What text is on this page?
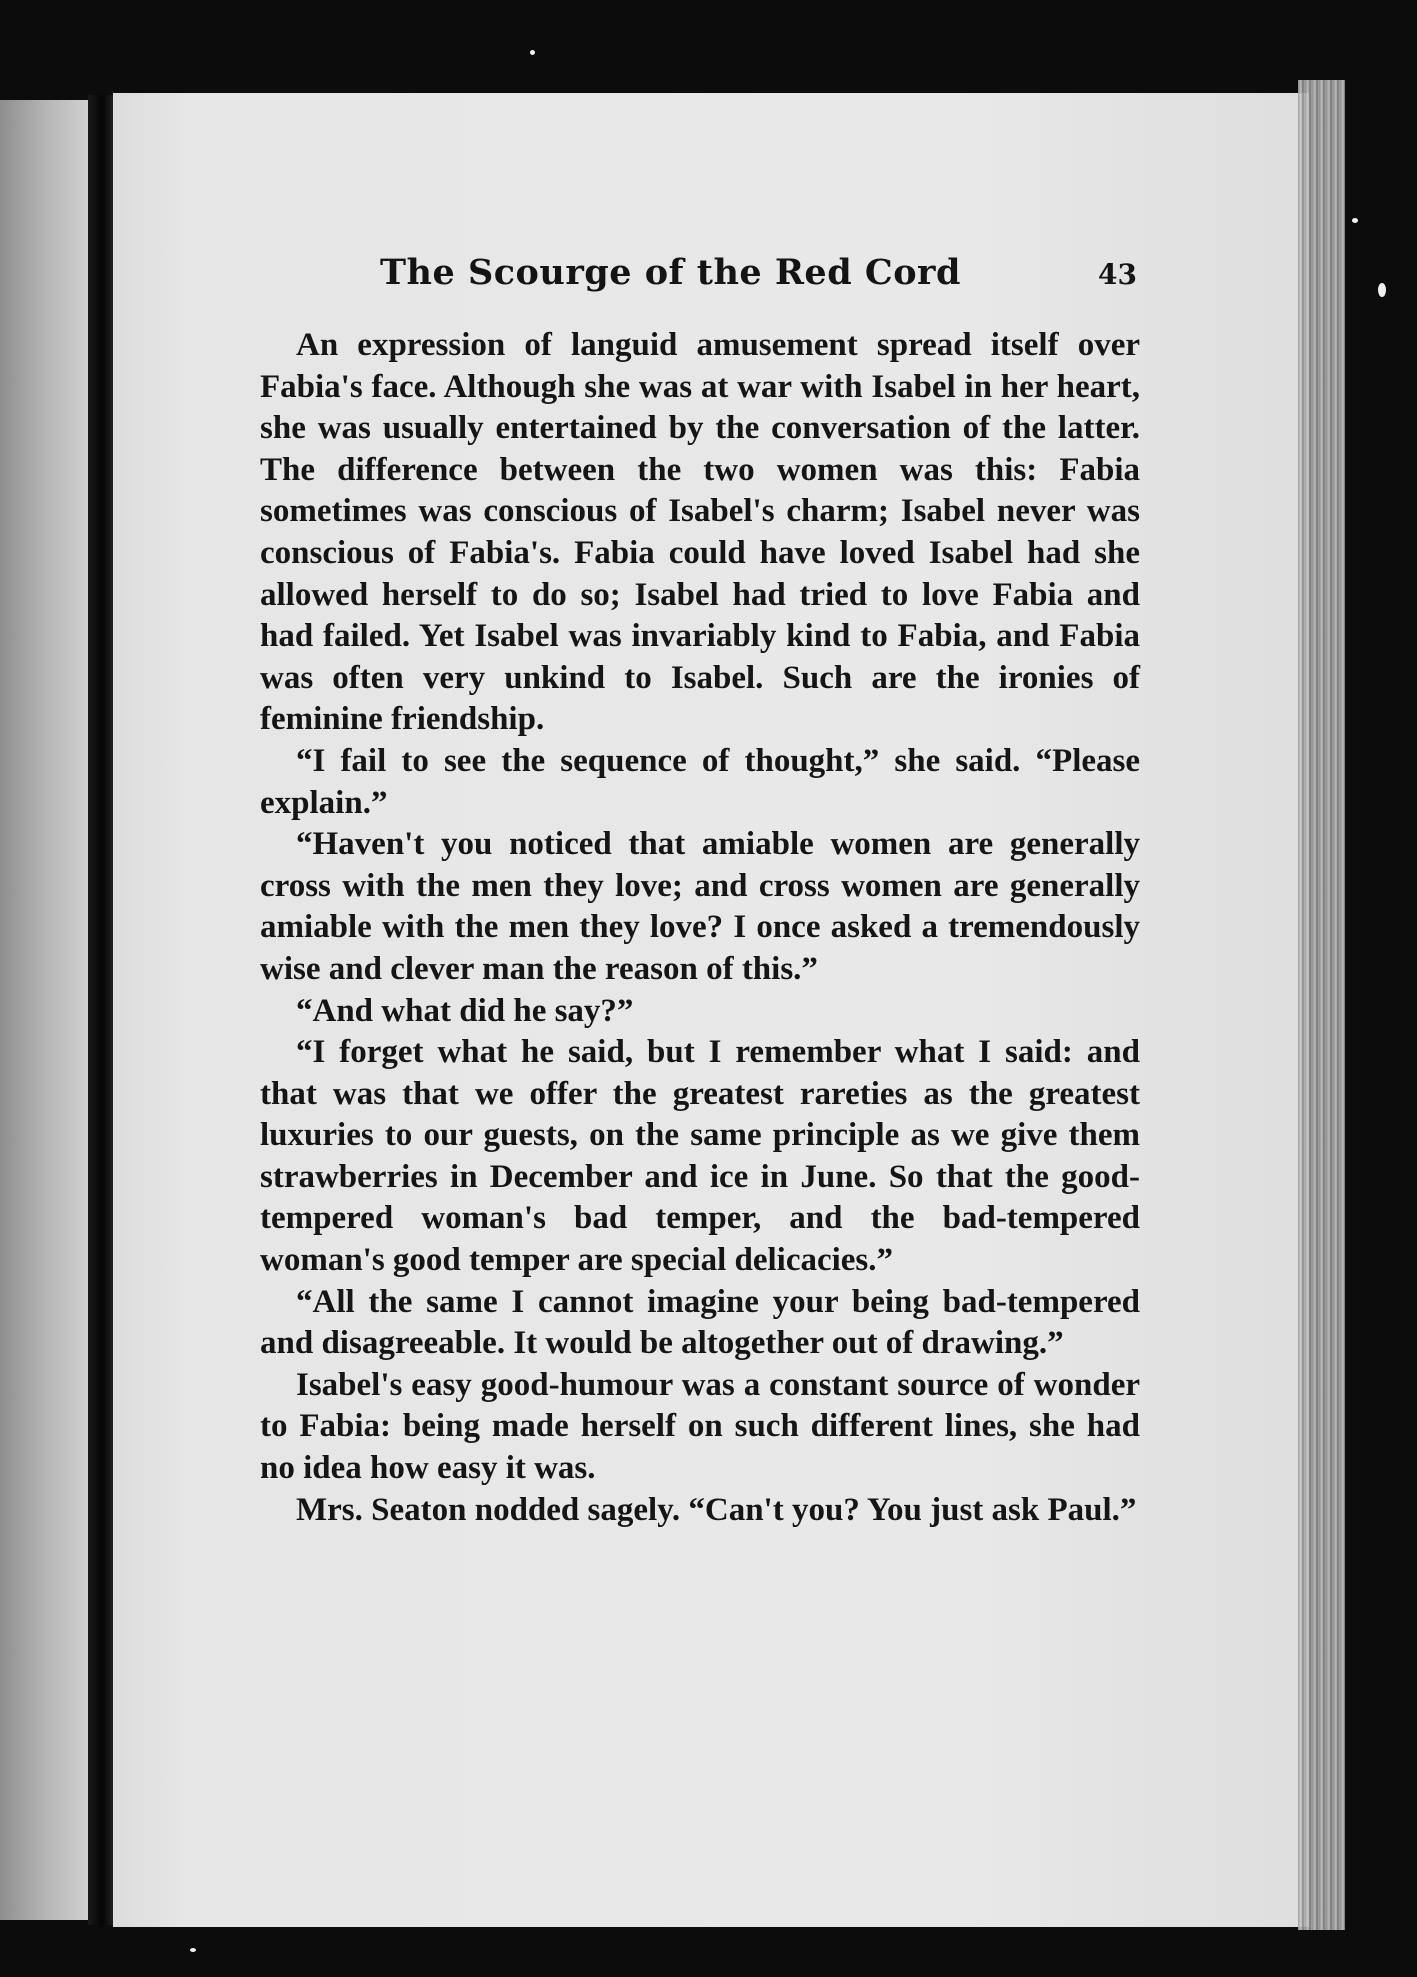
The Scourge of the Red Cord	43

An expression of languid amusement spread itself over Fabia's face. Although she was at war with Isabel in her heart, she was usually entertained by the conversation of the latter. The difference between the two women was this: Fabia sometimes was conscious of Isabel's charm; Isabel never was conscious of Fabia's. Fabia could have loved Isabel had she allowed herself to do so; Isabel had tried to love Fabia and had failed. Yet Isabel was invariably kind to Fabia, and Fabia was often very unkind to Isabel. Such are the ironies of feminine friendship.

“I fail to see the sequence of thought,” she said. “Please explain.”

“Haven't you noticed that amiable women are generally cross with the men they love; and cross women are generally amiable with the men they love? I once asked a tremendously wise and clever man the reason of this.”

“And what did he say?”

“I forget what he said, but I remember what I said: and that was that we offer the greatest rareties as the greatest luxuries to our guests, on the same principle as we give them strawberries in December and ice in June. So that the good-tempered woman's bad temper, and the bad-tempered woman's good temper are special delicacies.”

“All the same I cannot imagine your being bad-tempered and disagreeable. It would be altogether out of drawing.”

Isabel's easy good-humour was a constant source of wonder to Fabia: being made herself on such different lines, she had no idea how easy it was.

Mrs. Seaton nodded sagely. “Can't you? You just ask Paul.”
